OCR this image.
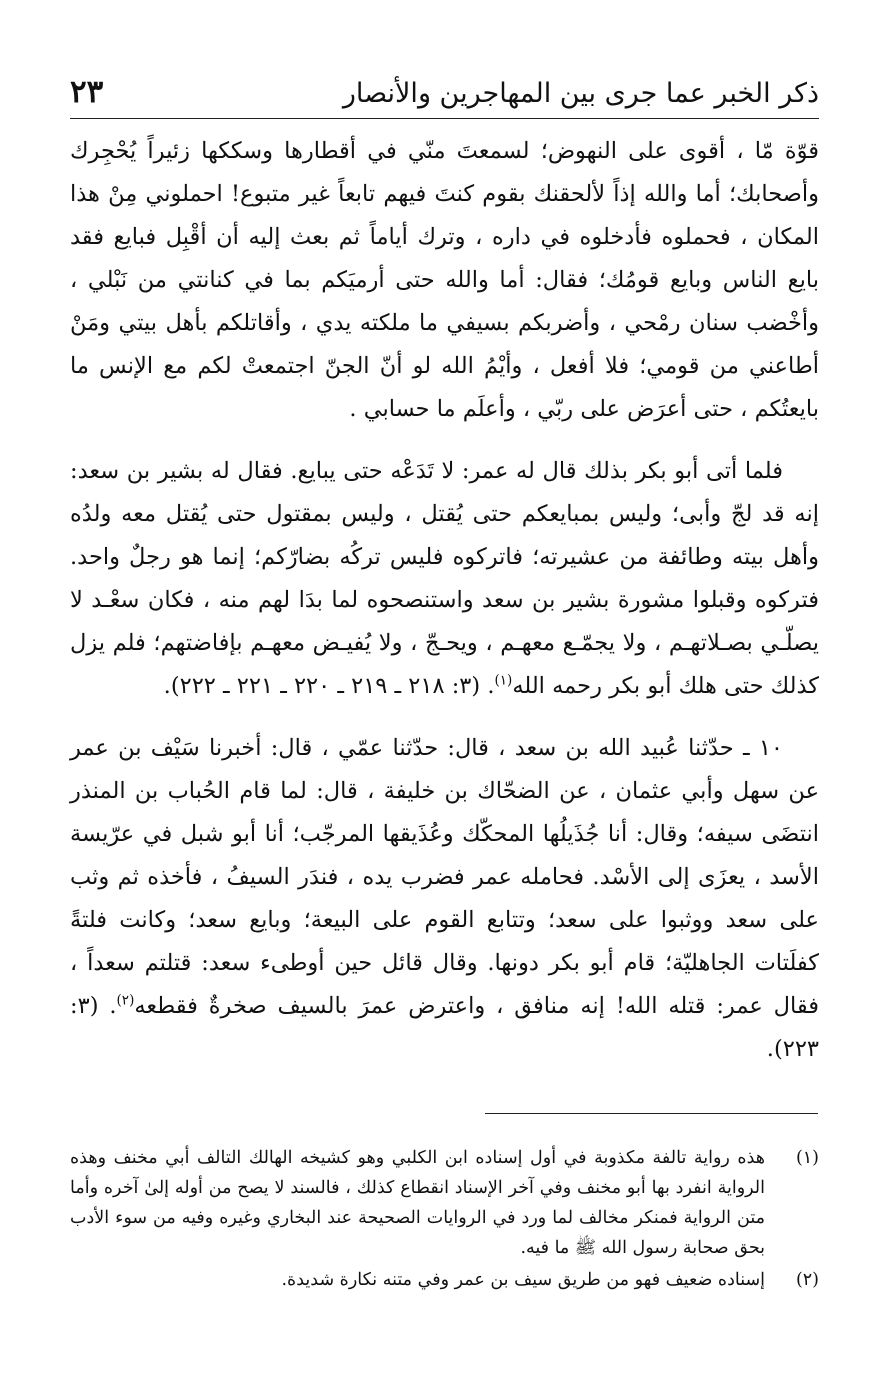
ذكر الخبر عما جرى بين المهاجرين والأنصار
٢٣

قوّة مّا ، أقوى على النهوض؛ لسمعتَ منّي في أقطارها وسككها زئيراً يُحْجِرك وأصحابك؛ أما والله إذاً لألحقنك بقوم كنتَ فيهم تابعاً غير متبوع! احملوني مِنْ هذا المكان ، فحملوه فأدخلوه في داره ، وترك أياماً ثم بعث إليه أن أقْبِل فبايع فقد بايع الناس وبايع قومُك؛ فقال: أما والله حتى أرميَكم بما في كنانتي من نَبْلي ، وأخْضب سنان رمْحي ، وأضربكم بسيفي ما ملكته يدي ، وأقاتلكم بأهل بيتي ومَنْ أطاعني من قومي؛ فلا أفعل ، وأيْمُ الله لو أنّ الجنّ اجتمعتْ لكم مع الإنس ما بايعتُكم ، حتى أعرَض على ربّي ، وأعلَم ما حسابي .

فلما أتى أبو بكر بذلك قال له عمر: لا تَدَعْه حتى يبايع. فقال له بشير بن سعد: إنه قد لجّ وأبى؛ وليس بمبايعكم حتى يُقتل ، وليس بمقتول حتى يُقتل معه ولدُه وأهل بيته وطائفة من عشيرته؛ فاتركوه فليس تركُه بضارّكم؛ إنما هو رجلٌ واحد. فتركوه وقبلوا مشورة بشير بن سعد واستنصحوه لما بدَا لهم منه ، فكان سعْـد لا يصلّـي بصـلاتهـم ، ولا يجمّـع معهـم ، ويحـجّ ، ولا يُفيـض معهـم بإفاضتهم؛ فلم يزل كذلك حتى هلك أبو بكر رحمه الله$^{(١)}$. (٣: ٢١٨ ـ ٢١٩ ـ ٢٢٠ ـ ٢٢١ ـ ٢٢٢).

١٠ ـ حدّثنا عُبيد الله بن سعد ، قال: حدّثنا عمّي ، قال: أخبرنا سَيْف بن عمر عن سهل وأبي عثمان ، عن الضحّاك بن خليفة ، قال: لما قام الحُباب بن المنذر انتضَى سيفه؛ وقال: أنا جُذَيلُها المحكّك وعُذَيقها المرجّب؛ أنا أبو شبل في عرّيسة الأسد ، يعزَى إلى الأسْد. فحامله عمر فضرب يده ، فندَر السيفُ ، فأخذه ثم وثب على سعد ووثبوا على سعد؛ وتتابع القوم على البيعة؛ وبايع سعد؛ وكانت فلتةً كفلَتات الجاهليّة؛ قام أبو بكر دونها. وقال قائل حين أوطىء سعد: قتلتم سعداً ، فقال عمر: قتله الله! إنه منافق ، واعترض عمرَ بالسيف صخرةٌ فقطعه$^{(٢)}$. (٣: ٢٢٣).

(١)
هذه رواية تالفة مكذوبة في أول إسناده ابن الكلبي وهو كشيخه الهالك التالف أبي مخنف وهذه الرواية انفرد بها أبو مخنف وفي آخر الإسناد انقطاع كذلك ، فالسند لا يصح من أوله إلىٰ آخره وأما متن الرواية فمنكر مخالف لما ورد في الروايات الصحيحة عند البخاري وغيره وفيه من سوء الأدب بحق صحابة رسول الله ﷺ ما فيه.
(٢)
إسناده ضعيف فهو من طريق سيف بن عمر وفي متنه نكارة شديدة.
